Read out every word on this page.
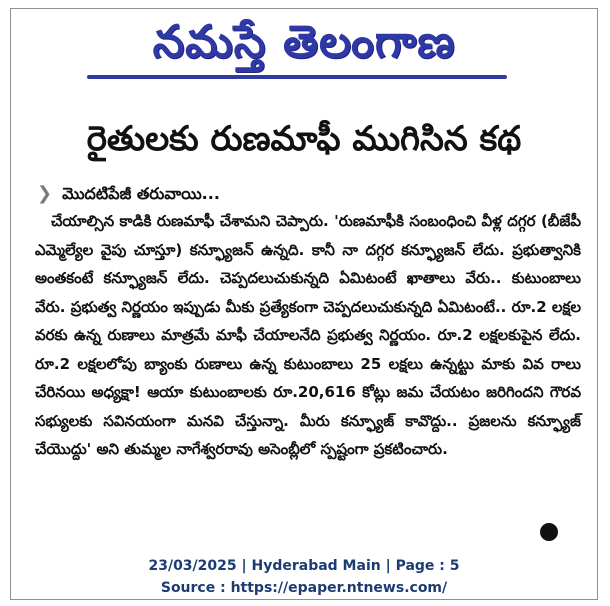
నమస్తే తెలంగాణ
రైతులకు రుణమాఫీ ముగిసిన కథ
❯ మొదటిపేజీ తరువాయి...
చేయాల్సిన కాడికి రుణమాఫీ చేశామని చెప్పారు. 'రుణమాఫీకి సంబంధించి వీళ్ల దగ్గర (బీజేపీ ఎమ్మెల్యేల వైపు చూస్తూ) కన్ఫ్యూజన్ ఉన్నది. కానీ నా దగ్గర కన్ఫ్యూజన్ లేదు. ప్రభుత్వానికి అంతకంటే కన్ఫ్యూజన్ లేదు. చెప్పదలుచుకున్నది ఏమిటంటే ఖాతాలు వేరు.. కుటుంబాలు వేరు. ప్రభుత్వ నిర్ణయం ఇప్పుడు మీకు ప్రత్యేకంగా చెప్పదలుచుకున్నది ఏమిటంటే.. రూ.2 లక్షల వరకు ఉన్న రుణాలు మాత్రమే మాఫీ చేయాలనేది ప్రభుత్వ నిర్ణయం. రూ.2 లక్షలకుపైన లేదు. రూ.2 లక్షలలోపు బ్యాంకు రుణాలు ఉన్న కుటుంబాలు 25 లక్షలు ఉన్నట్టు మాకు వివ రాలు చేరినయి అధ్యక్షా! ఆయా కుటుంబాలకు రూ.20,616 కోట్లు జమ చేయటం జరిగిందని గౌరవ సభ్యులకు సవినయంగా మనవి చేస్తున్నా. మీరు కన్ఫ్యూజ్ కావొద్దు.. ప్రజలను కన్ఫ్యూజ్ చేయొద్దు' అని తుమ్మల నాగేశ్వరరావు అసెంబ్లీలో స్పష్టంగా ప్రకటించారు.
23/03/2025 | Hyderabad Main | Page : 5
Source : https://epaper.ntnews.com/
